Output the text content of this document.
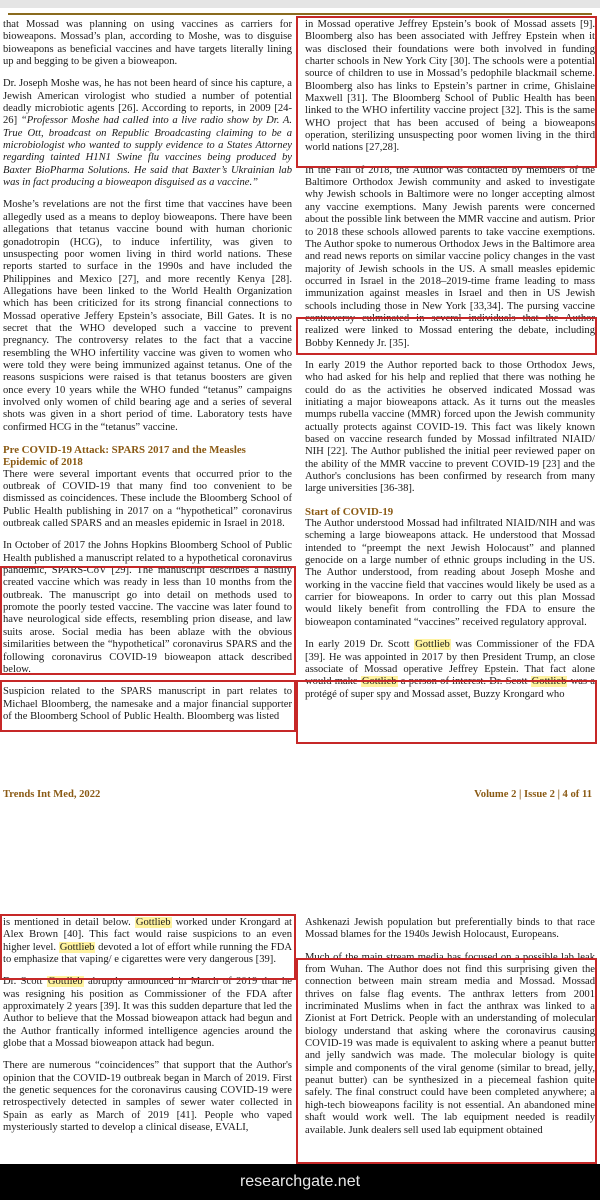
that Mossad was planning on using vaccines as carriers for bioweapons. Mossad’s plan, according to Moshe, was to disguise bioweapons as beneficial vaccines and have targets literally lining up and begging to be given a bioweapon.

Dr. Joseph Moshe was, he has not been heard of since his capture, a Jewish American virologist who studied a number of potential deadly microbiotic agents [26]. According to reports, in 2009 [24-26] “Professor Moshe had called into a live radio show by Dr. A. True Ott, broadcast on Republic Broadcasting claiming to be a microbiologist who wanted to supply evidence to a States Attorney regarding tainted H1N1 Swine flu vaccines being produced by Baxter BioPharma Solutions. He said that Baxter’s Ukrainian lab was in fact producing a bioweapon disguised as a vaccine.”

Moshe’s revelations are not the first time that vaccines have been allegedly used as a means to deploy bioweapons. There have been allegations that tetanus vaccine bound with human chorionic gonadotropin (HCG), to induce infertility, was given to unsuspecting poor women living in third world nations. These reports started to surface in the 1990s and have included the Philippines and Mexico [27], and more recently Kenya [28]. Allegations have been linked to the World Health Organization which has been criticized for its strong financial connections to Mossad operative Jeffery Epstein’s associate, Bill Gates. It is no secret that the WHO developed such a vaccine to prevent pregnancy. The controversy relates to the fact that a vaccine resembling the WHO infertility vaccine was given to women who were told they were being immunized against tetanus. One of the reasons suspicions were raised is that tetanus boosters are given once every 10 years while the WHO funded “tetanus” campaigns involved only women of child bearing age and a series of several shots was given in a short period of time. Laboratory tests have confirmed HCG in the “tetanus” vaccine.

Pre COVID-19 Attack: SPARS 2017 and the Measles Epidemic of 2018

There were several important events that occurred prior to the outbreak of COVID-19 that many find too convenient to be dismissed as coincidences. These include the Bloomberg School of Public Health publishing in 2017 on a “hypothetical” coronavirus outbreak called SPARS and an measles epidemic in Israel in 2018.

In October of 2017 the Johns Hopkins Bloomberg School of Public Health published a manuscript related to a hypothetical coronavirus pandemic, SPARS-CoV [29]. The manuscript describes a hastily created vaccine which was ready in less than 10 months from the outbreak. The manuscript go into detail on methods used to promote the poorly tested vaccine. The vaccine was later found to have neurological side effects, resembling prion disease, and law suits arose. Social media has been ablaze with the obvious similarities between the “hypothetical” coronavirus SPARS and the following coronavirus COVID-19 bioweapon attack described below.

Suspicion related to the SPARS manuscript in part relates to Michael Bloomberg, the namesake and a major financial supporter of the Bloomberg School of Public Health. Bloomberg was listed

in Mossad operative Jeffrey Epstein’s book of Mossad assets [9]. Bloomberg also has been associated with Jeffrey Epstein when it was disclosed their foundations were both involved in funding charter schools in New York City [30]. The schools were a potential source of children to use in Mossad’s pedophile blackmail scheme. Bloomberg also has links to Epstein’s partner in crime, Ghislaine Maxwell [31]. The Bloomberg School of Public Health has been linked to the WHO infertility vaccine project [32]. This is the same WHO project that has been accused of being a bioweapons operation, sterilizing unsuspecting poor women living in the third world nations [27,28].

In the Fall of 2018, the Author was contacted by members of the Baltimore Orthodox Jewish community and asked to investigate why Jewish schools in Baltimore were no longer accepting almost any vaccine exemptions. Many Jewish parents were concerned about the possible link between the MMR vaccine and autism. Prior to 2018 these schools allowed parents to take vaccine exemptions. The Author spoke to numerous Orthodox Jews in the Baltimore area and read news reports on similar vaccine policy changes in the vast majority of Jewish schools in the US. A small measles epidemic occurred in Israel in the 2018–2019-time frame leading to mass immunization against measles in Israel and then in US Jewish schools including those in New York [33,34]. The pursing vaccine controversy culminated in several individuals that the Author realized were linked to Mossad entering the debate, including Bobby Kennedy Jr. [35].

In early 2019 the Author reported back to those Orthodox Jews, who had asked for his help and replied that there was nothing he could do as the activities he observed indicated Mossad was initiating a major bioweapons attack. As it turns out the measles mumps rubella vaccine (MMR) forced upon the Jewish community actually protects against COVID-19. This fact was likely known based on vaccine research funded by Mossad infiltrated NIAID/ NIH [22]. The Author published the initial peer reviewed paper on the ability of the MMR vaccine to prevent COVID-19 [23] and the Author's conclusions has been confirmed by research from many large universities [36-38].

Start of COVID-19

The Author understood Mossad had infiltrated NIAID/NIH and was scheming a large bioweapons attack. He understood that Mossad intended to “preempt the next Jewish Holocaust” and planned genocide on a large number of ethnic groups including in the US. The Author understood, from reading about Joseph Moshe and working in the vaccine field that vaccines would likely be used as a carrier for bioweapons. In order to carry out this plan Mossad would likely benefit from controlling the FDA to ensure the bioweapon contaminated “vaccines” received regulatory approval.

In early 2019 Dr. Scott Gottlieb was Commissioner of the FDA [39]. He was appointed in 2017 by then President Trump, an close associate of Mossad operative Jeffrey Epstein. That fact alone would make Gottlieb a person of interest. Dr. Scott Gottlieb was a protégé of super spy and Mossad asset, Buzzy Krongard who

Trends Int Med, 2022	Volume 2 | Issue 2 | 4 of 11

is mentioned in detail below. Gottlieb worked under Krongard at Alex Brown [40]. This fact would raise suspicions to an even higher level. Gottlieb devoted a lot of effort while running the FDA to emphasize that vaping/ e cigarettes were very dangerous [39].

Dr. Scott Gottlieb abruptly announced in March of 2019 that he was resigning his position as Commissioner of the FDA after approximately 2 years [39]. It was this sudden departure that led the Author to believe that the Mossad bioweapon attack had begun and the Author frantically informed intelligence agencies around the globe that a Mossad bioweapon attack had begun.

There are numerous “coincidences” that support that the Author's opinion that the COVID-19 outbreak began in March of 2019. First the genetic sequences for the coronavirus causing COVID-19 were retrospectively detected in samples of sewer water collected in Spain as early as March of 2019 [41]. People who vaped mysteriously started to develop a clinical disease, EVALI,

Ashkenazi Jewish population but preferentially binds to that race Mossad blames for the 1940s Jewish Holocaust, Europeans.

Much of the main stream media has focused on a possible lab leak from Wuhan. The Author does not find this surprising given the connection between main stream media and Mossad. Mossad thrives on false flag events. The anthrax letters from 2001 incriminated Muslims when in fact the anthrax was linked to a Zionist at Fort Detrick. People with an understanding of molecular biology understand that asking where the coronavirus causing COVID-19 was made is equivalent to asking where a peanut butter and jelly sandwich was made. The molecular biology is quite simple and components of the viral genome (similar to bread, jelly, peanut butter) can be synthesized in a piecemeal fashion quite safely. The final construct could have been completed anywhere; a high-tech bioweapons facility is not essential. An abandoned mine shaft would work well. The lab equipment needed is readily available. Junk dealers sell used lab equipment obtained

researchgate.net
